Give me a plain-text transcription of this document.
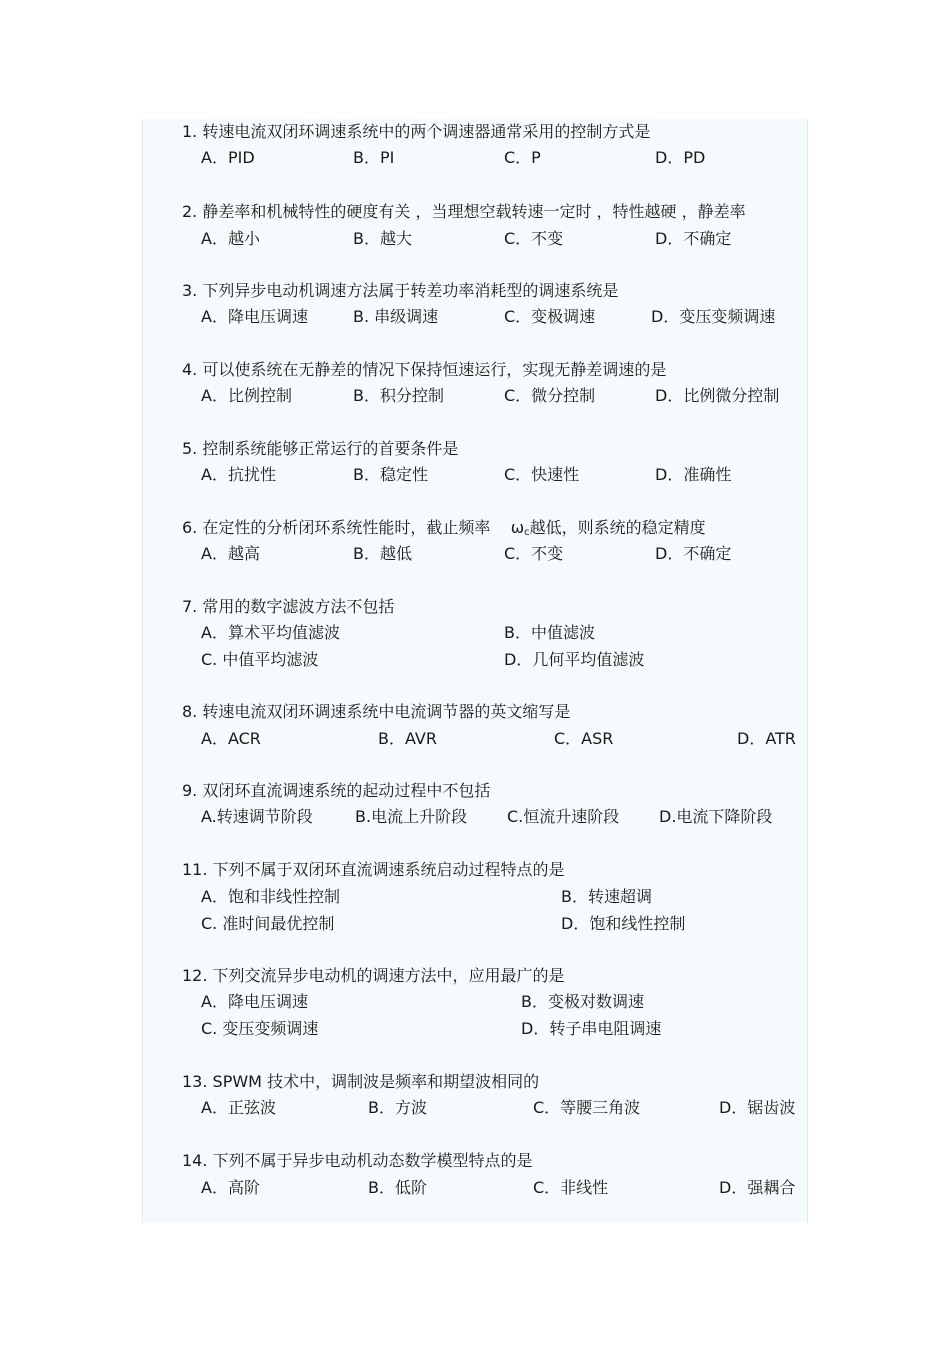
1. 转速电流双闭环调速系统中的两个调速器通常采用的控制方式是
A．PID	B．PI	C．P	D．PD
2. 静差率和机械特性的硬度有关 ，当理想空载转速一定时 ，特性越硬 ，静差率
A．越小	B．越大	C．不变	D．不确定
3. 下列异步电动机调速方法属于转差功率消耗型的调速系统是
A．降电压调速	B. 串级调速	C．变极调速	D．变压变频调速
4. 可以使系统在无静差的情况下保持恒速运行，实现无静差调速的是
A．比例控制	B．积分控制	C．微分控制	D．比例微分控制
5. 控制系统能够正常运行的首要条件是
A．抗扰性	B．稳定性	C．快速性	D．准确性
6. 在定性的分析闭环系统性能时，截止频率 $\omega_c$越低，则系统的稳定精度
A．越高	B．越低	C．不变	D．不确定
7. 常用的数字滤波方法不包括
A．算术平均值滤波	B．中值滤波
C. 中值平均滤波	D．几何平均值滤波
8. 转速电流双闭环调速系统中电流调节器的英文缩写是
A．ACR	B．AVR	C．ASR	D．ATR
9. 双闭环直流调速系统的起动过程中不包括
A.转速调节阶段	B.电流上升阶段 C.恒流升速阶段 D.电流下降阶段
11. 下列不属于双闭环直流调速系统启动过程特点的是
A．饱和非线性控制	B．转速超调
C. 准时间最优控制	D．饱和线性控制
12. 下列交流异步电动机的调速方法中，应用最广的是
A．降电压调速	B．变极对数调速
C. 变压变频调速	D．转子串电阻调速
13. SPWM 技术中，调制波是频率和期望波相同的
A．正弦波	B．方波	C．等腰三角波	D．锯齿波
14. 下列不属于异步电动机动态数学模型特点的是
A．高阶	B．低阶	C．非线性	D．强耦合
